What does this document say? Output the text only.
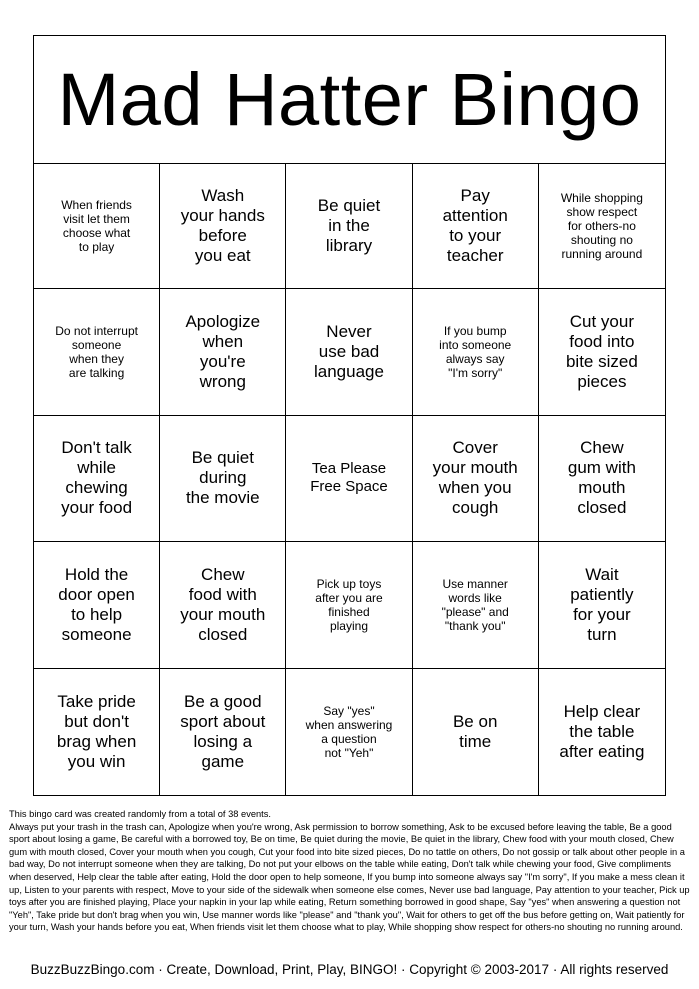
Mad Hatter Bingo
When friends
visit let them
choose what
to play
Wash
your hands
before
you eat
Be quiet
in the
library
Pay
attention
to your
teacher
While shopping
show respect
for others-no
shouting no
running around
Do not interrupt
someone
when they
are talking
Apologize
when
you're
wrong
Never
use bad
language
If you bump
into someone
always say
"I'm sorry"
Cut your
food into
bite sized
pieces
Don't talk
while
chewing
your food
Be quiet
during
the movie
Tea Please
Free Space
Cover
your mouth
when you
cough
Chew
gum with
mouth
closed
Hold the
door open
to help
someone
Chew
food with
your mouth
closed
Pick up toys
after you are
finished
playing
Use manner
words like
"please" and
"thank you"
Wait
patiently
for your
turn
Take pride
but don't
brag when
you win
Be a good
sport about
losing a
game
Say "yes"
when answering
a question
not "Yeh"
Be on
time
Help clear
the table
after eating

This bingo card was created randomly from a total of 38 events.

Always put your trash in the trash can, Apologize when you're wrong, Ask permission to borrow something, Ask to be excused before leaving the table, Be a good sport about losing a game, Be careful with a borrowed toy, Be on time, Be quiet during the movie, Be quiet in the library, Chew food with your mouth closed, Chew gum with mouth closed, Cover your mouth when you cough, Cut your food into bite sized pieces, Do no tattle on others, Do not gossip or talk about other people in a bad way, Do not interrupt someone when they are talking, Do not put your elbows on the table while eating, Don't talk while chewing your food, Give compliments when deserved, Help clear the table after eating, Hold the door open to help someone, If you bump into someone always say "I'm sorry", If you make a mess clean it up, Listen to your parents with respect, Move to your side of the sidewalk when someone else comes, Never use bad language, Pay attention to your teacher, Pick up toys after you are finished playing, Place your napkin in your lap while eating, Return something borrowed in good shape, Say "yes" when answering a question not "Yeh", Take pride but don't brag when you win, Use manner words like "please" and "thank you", Wait for others to get off the bus before getting on, Wait patiently for your turn, Wash your hands before you eat, When friends visit let them choose what to play, While shopping show respect for others-no shouting no running around.

BuzzBuzzBingo.com · Create, Download, Print, Play, BINGO! · Copyright © 2003-2017 · All rights reserved
